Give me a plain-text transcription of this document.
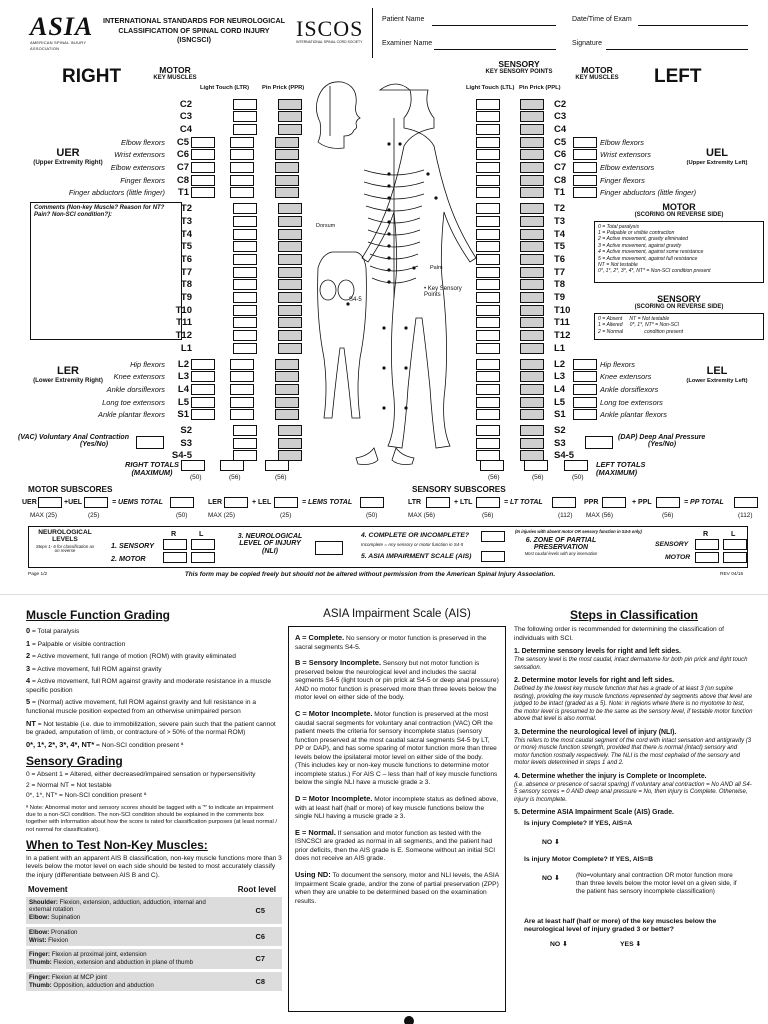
ASIA
AMERICAN SPINAL INJURY ASSOCIATION
INTERNATIONAL STANDARDS FOR NEUROLOGICAL
CLASSIFICATION OF SPINAL CORD INJURY
(ISNCSCI)	ISCOS
INTERNATIONAL SPINAL CORD SOCIETY
Patient Name	Date/Time of Exam
Examiner Name	Signature
RIGHT	MOTOR
KEY MUSCLES
Light Touch (LTR) Pin Prick (PPR)
SENSORY
KEY SENSORY POINTS	MOTOR
KEY MUSCLES LEFT
Light Touch (LTL) Pin Prick (PPL)
C2
C3
C4
Elbow flexors	C5
Wrist extensors	C6
Elbow extensors	C7
Finger flexors	C8
Finger abductors (little finger)	T1
T2
T3
T4
T5
T6
T7
T8
T9
T10
T11
T12
L1
Hip flexors	L2
Knee extensors	L3
Ankle dorsiflexors	L4
Long toe extensors	L5
Ankle plantar flexors	S1
S2
S3
S4-5
C2
C3
C4
C5	Elbow flexors
C6	Wrist extensors
C7	Elbow extensors
C8	Finger flexors
T1	Finger abductors (little finger)
T2
T3
T4
T5
T6
T7
T8
T9
T10
T11
T12
L1
L2	Hip flexors
L3	Knee extensors
L4	Ankle dorsiflexors
L5	Long toe extensors
S1	Ankle plantar flexors
S2
S3
S4-5
UER
(Upper Extremity Right)
LER
(Lower Extremity Right)
UEL
(Upper Extremity Left)
LEL
(Lower Extremity Left)
Comments (Non-key Muscle? Reason for NT? Pain? Non-SCI condition?):
MOTOR
(SCORING ON REVERSE SIDE)
0 = Total paralysis
1 = Palpable or visible contraction
2 = Active movement, gravity eliminated
3 = Active movement, against gravity
4 = Active movement, against some resistance
5 = Active movement, against full resistance
NT = Not testable
0*, 1*, 2*, 3*, 4*, NT* = Non-SCI condition present
SENSORY
(SCORING ON REVERSE SIDE)
0 = Absent     NT = Not testable
1 = Altered     0*, 1*, NT* = Non-SCI
2 = Normal               condition present
(VAC) Voluntary Anal Contraction
(Yes/No)
(DAP) Deep Anal Pressure
(Yes/No)
RIGHT TOTALS
(MAXIMUM)
(50)	(56)	(56)	(56)	(56)	(50)
LEFT TOTALS
(MAXIMUM)
Dorsum
Palm
• Key Sensory Points
S4-5
MOTOR SUBSCORES
UER	+UEL	= UEMS TOTAL	LER	+ LEL	= LEMS TOTAL
MAX (25)	(25)	(50)	MAX (25)	(25)	(50)
SENSORY SUBSCORES
LTR	+ LTL	= LT TOTAL	PPR	+ PPL	= PP TOTAL
MAX (56)	(56)	(112) MAX (56)	(56)	(112)
NEUROLOGICAL LEVELS
Steps 1- 6 for classification as on reverse
R	L
1. SENSORY
2. MOTOR
3. NEUROLOGICAL
LEVEL OF INJURY
(NLI)
4. COMPLETE OR INCOMPLETE?
Incomplete = Any sensory or motor function in S4-5
5. ASIA IMPAIRMENT SCALE (AIS)
(In injuries with absent motor OR sensory function in S4-5 only)
6. ZONE OF PARTIAL
PRESERVATION
Most caudal levels with any innervation
R	L
SENSORY
MOTOR
Page 1/2	This form may be copied freely but should not be altered without permission from the American Spinal Injury Association.	REV 04/15
Muscle Function Grading
0 = Total paralysis
1 = Palpable or visible contraction
2 = Active movement, full range of motion (ROM) with gravity eliminated
3 = Active movement, full ROM against gravity
4 = Active movement, full ROM against gravity and moderate resistance in a muscle specific position
5 = (Normal) active movement, full ROM against gravity and full resistance in a functional muscle position expected from an otherwise unimpaired person
NT = Not testable (i.e. due to immobilization, severe pain such that the patient cannot be graded, amputation of limb, or contracture of > 50% of the normal ROM)
0*, 1*, 2*, 3*, 4*, NT* = Non-SCI condition present ª
Sensory Grading
0 = Absent 1 = Altered, either decreased/impaired sensation or hypersensitivity
2 = Normal NT = Not testable
0*, 1*, NT* = Non-SCI condition present ª
ª Note: Abnormal motor and sensory scores should be tagged with a '*' to indicate an impairment due to a non-SCI condition. The non-SCI condition should be explained in the comments box together with information about how the score is rated for classification purposes (at least normal / not normal for classification).
When to Test Non-Key Muscles:
In a patient with an apparent AIS B classification, non-key muscle functions more than 3 levels below the motor level on each side should be tested to most accurately classify the injury (differentiate between AIS B and C).
Movement	Root level
Shoulder: Flexion, extension, adduction, adduction, internal and external rotation
Elbow: Supination
C5
Elbow: Pronation
Wrist: Flexion	C6
Finger: Flexion at proximal joint, extension
Thumb: Flexion, extension and abduction in plane of thumb	C7
Finger: Flexion at MCP joint
Thumb: Opposition, adduction and abduction	C8
ASIA Impairment Scale (AIS)
A = Complete. No sensory or motor function is preserved in the sacral segments S4-5.
B = Sensory Incomplete. Sensory but not motor function is preserved below the neurological level and includes the sacral segments S4-5 (light touch or pin prick at S4-5 or deep anal pressure) AND no motor function is preserved more than three levels below the motor level on either side of the body.
C = Motor Incomplete. Motor function is preserved at the most caudal sacral segments for voluntary anal contraction (VAC) OR the patient meets the criteria for sensory incomplete status (sensory function preserved at the most caudal sacral segments S4-5 by LT, PP or DAP), and has some sparing of motor function more than three levels below the ipsilateral motor level on either side of the body. (This includes key or non-key muscle functions to determine motor incomplete status.) For AIS C – less than half of key muscle functions below the single NLI have a muscle grade ≥ 3.
D = Motor Incomplete. Motor incomplete status as defined above, with at least half (half or more) of key muscle functions below the single NLI having a muscle grade ≥ 3.
E = Normal. If sensation and motor function as tested with the ISNCSCI are graded as normal in all segments, and the patient had prior deficits, then the AIS grade is E. Someone without an initial SCI does not receive an AIS grade.
Using ND: To document the sensory, motor and NLI levels, the ASIA Impairment Scale grade, and/or the zone of partial preservation (ZPP) when they are unable to be determined based on the examination results.
Steps in Classification
The following order is recommended for determining the classification of individuals with SCI.
1. Determine sensory levels for right and left sides.
The sensory level is the most caudal, intact dermatome for both pin prick and light touch sensation.
2. Determine motor levels for right and left sides.
Defined by the lowest key muscle function that has a grade of at least 3 (on supine testing), providing the key muscle functions represented by segments above that level are judged to be intact (graded as a 5). Note: in regions where there is no myotome to test, the motor level is presumed to be the same as the sensory level, if testable motor function above that level is also normal.
3. Determine the neurological level of injury (NLI).
This refers to the most caudal segment of the cord with intact sensation and antigravity (3 or more) muscle function strength, provided that there is normal (intact) sensory and motor function rostrally respectively. The NLI is the most cephalad of the sensory and motor levels determined in steps 1 and 2.
4. Determine whether the injury is Complete or Incomplete.
(i.e. absence or presence of sacral sparing) If voluntary anal contraction = No AND all S4-5 sensory scores = 0 AND deep anal pressure = No, then injury is Complete. Otherwise, injury is Incomplete.
5. Determine ASIA Impairment Scale (AIS) Grade.
Is injury Complete? If YES, AIS=A
NO ⬇
Is injury Motor Complete? If YES, AIS=B
NO ⬇	(No=voluntary anal contraction OR motor function more than three levels below the motor level on a given side, if the patient has sensory incomplete classification)
Are at least half (half or more) of the key muscles below the neurological level of injury graded 3 or better?
NO ⬇	YES ⬇
